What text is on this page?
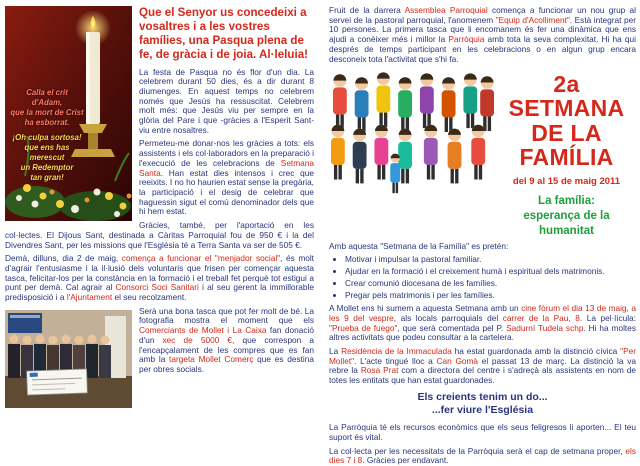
Calla el crit
d'Adam,
que la mort de Crist
ha esborrat.
¡Oh culpa sortosa!
que ens has merescut
un Redemptor
tan gran!
Que el Senyor us concedeixi a vosaltres i a les vostres famílies, una Pasqua plena de fe, de gràcia i de joia. Al·leluia!

La festa de Pasqua no és flor d'un dia. La celebrem durant 50 dies, és a dir durant 8 diumenges. En aquest temps no celebrem només que Jesús ha ressuscitat. Celebrem molt més: que Jesús viu per sempre en la glòria del Pare i que -gràcies a l'Esperit Sant- viu entre nosaltres.

Permeteu-me donar-nos les gràcies a tots: els assistents i els col·laboradors en la preparació i l'execució de les celebracions de Setmana Santa. Han estat dies intensos i crec que reeixits. I no ho haurien estat sense la pregària, la participació i el desig de celebrar que haguessin sigut el comú denominador dels que hi hem estat.

Gràcies, també, per l'aportació en les col·lectes. El Dijous Sant, destinada a Càritas Parroquial fou de 950 € i la del Divendres Sant, per les missions que l'Església té a Terra Santa va ser de 505 €.

Demà, dilluns, dia 2 de maig, comença a funcionar el "menjador social", és molt d'agrair l'entusiasme i la il·lusió dels voluntaris que frisen per començar aquesta tasca, felicitar-los per la constància en la formació i el treball fet perquè tot estigui a punt per demà. Cal agrair al Consorci Soci Sanitari i al seu gerent la immillorable predisposició i a l'Ajuntament el seu recolzament.

Serà una bona tasca que pot fer molt de bé. La fotografia mostra el moment que els Comerciants de Mollet i La Caixa fan donació d'un xec de 5000 €, que correspon a l'encapçalament de les compres que es fan amb la targeta Mollet Comerç que es destina per obres socials.

Fruit de la darrera Assemblea Parroquial comença a funcionar un nou grup al servei de la pastoral parroquial, l'anomenem "Equip d'Acolliment". Està integrat per 10 persones. La primera tasca que li encomanem és fer una dinàmica que ens ajudi a conèixer més i millor la Parròquia amb tota la seva complexitat. Hi ha qui després de temps participant en les celebracions o en algun grup encara desconeix tota l'activitat que s'hi fa.

2a SETMANA
DE LA FAMÍLIA
del 9 al 15 de maig 2011
La família:
esperança de la humanitat

Amb aquesta "Setmana de la Família" es pretén:

• Motivar i impulsar la pastoral familiar.
• Ajudar en la formació i el creixement humà i espiritual dels matrimonis.
• Crear comunió diocesana de les famílies.
• Pregar pels matrimonis i per les famílies.

A Mollet ens hi sumem a aquesta Setmana amb un cine fòrum el dia 13 de maig, a les 9 del vespre, als locals parroquials del carrer de la Pau, 8. La pel·lícula: "Prueba de fuego", que serà comentada pel P. Sadurní Tudela schp. Hi ha moltes altres activitats que podeu consultar a la cartelera.

La Residència de la Immaculada ha estat guardonada amb la distinció cívica "Per Mollet". L'acte tingué lloc a Can Gomà el passat 13 de març. La distinció la va rebre la Rosa Prat com a directora del centre i s'adreçà als assistents en nom de totes les entitats que han estat guardonades.

Els creients tenim un do...
...fer viure l'Església

La Parròquia té els recursos econòmics que els seus feligresos li aporten... El teu suport és vital.

La col·lecta per les necessitats de la Parròquia serà el cap de setmana proper, els dies 7 i 8. Gràcies per endavant.
